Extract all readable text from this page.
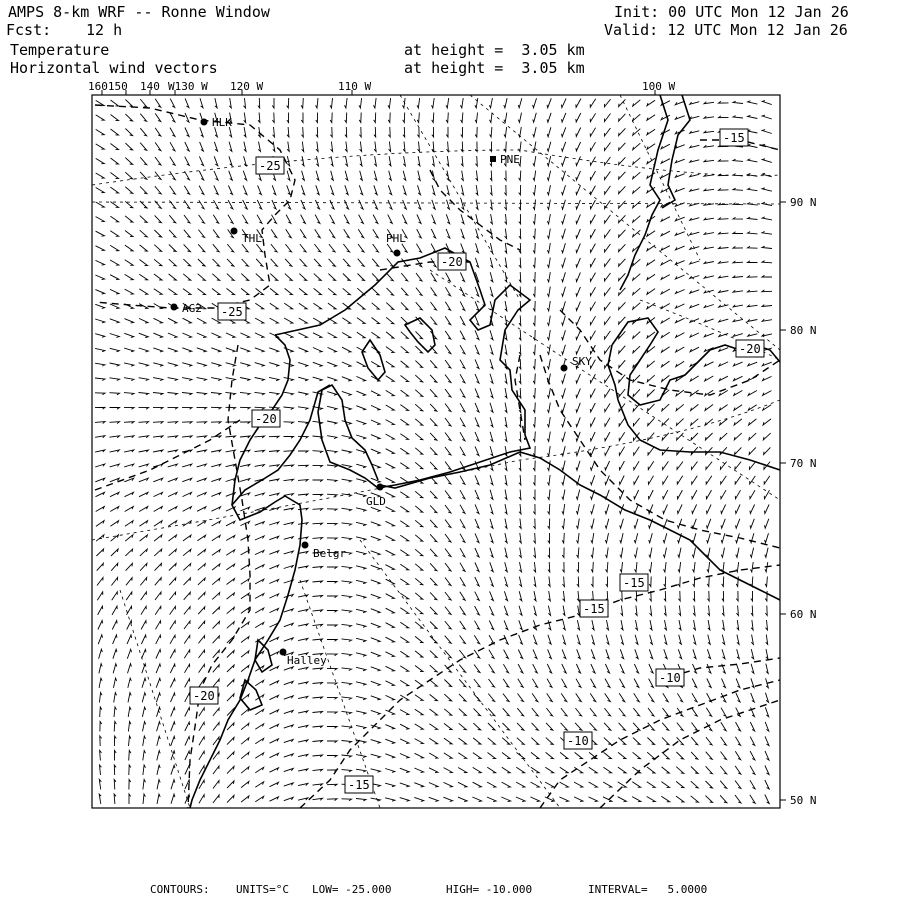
AMPS 8-km WRF -- Ronne Window
Fcst: 12 h
Init: 00 UTC Mon 12 Jan 26
Valid: 12 UTC Mon 12 Jan 26
Temperature
Horizontal wind vectors
at height =  3.05 km
at height =  3.05 km
160150 140 W130 W 120 W	110 W	100 W
90 N
80 N
70 N
60 N
50 N
HLK
PNE
THL	PHL
AG2
SKY
GLD
Belgr
Halley
-15
-25
-20
-25
-20
-20
-15
-15
-10
-20
-10
-15
CONTOURS: UNITS=°C LOW= -25.000	HIGH= -10.000	INTERVAL=   5.0000
